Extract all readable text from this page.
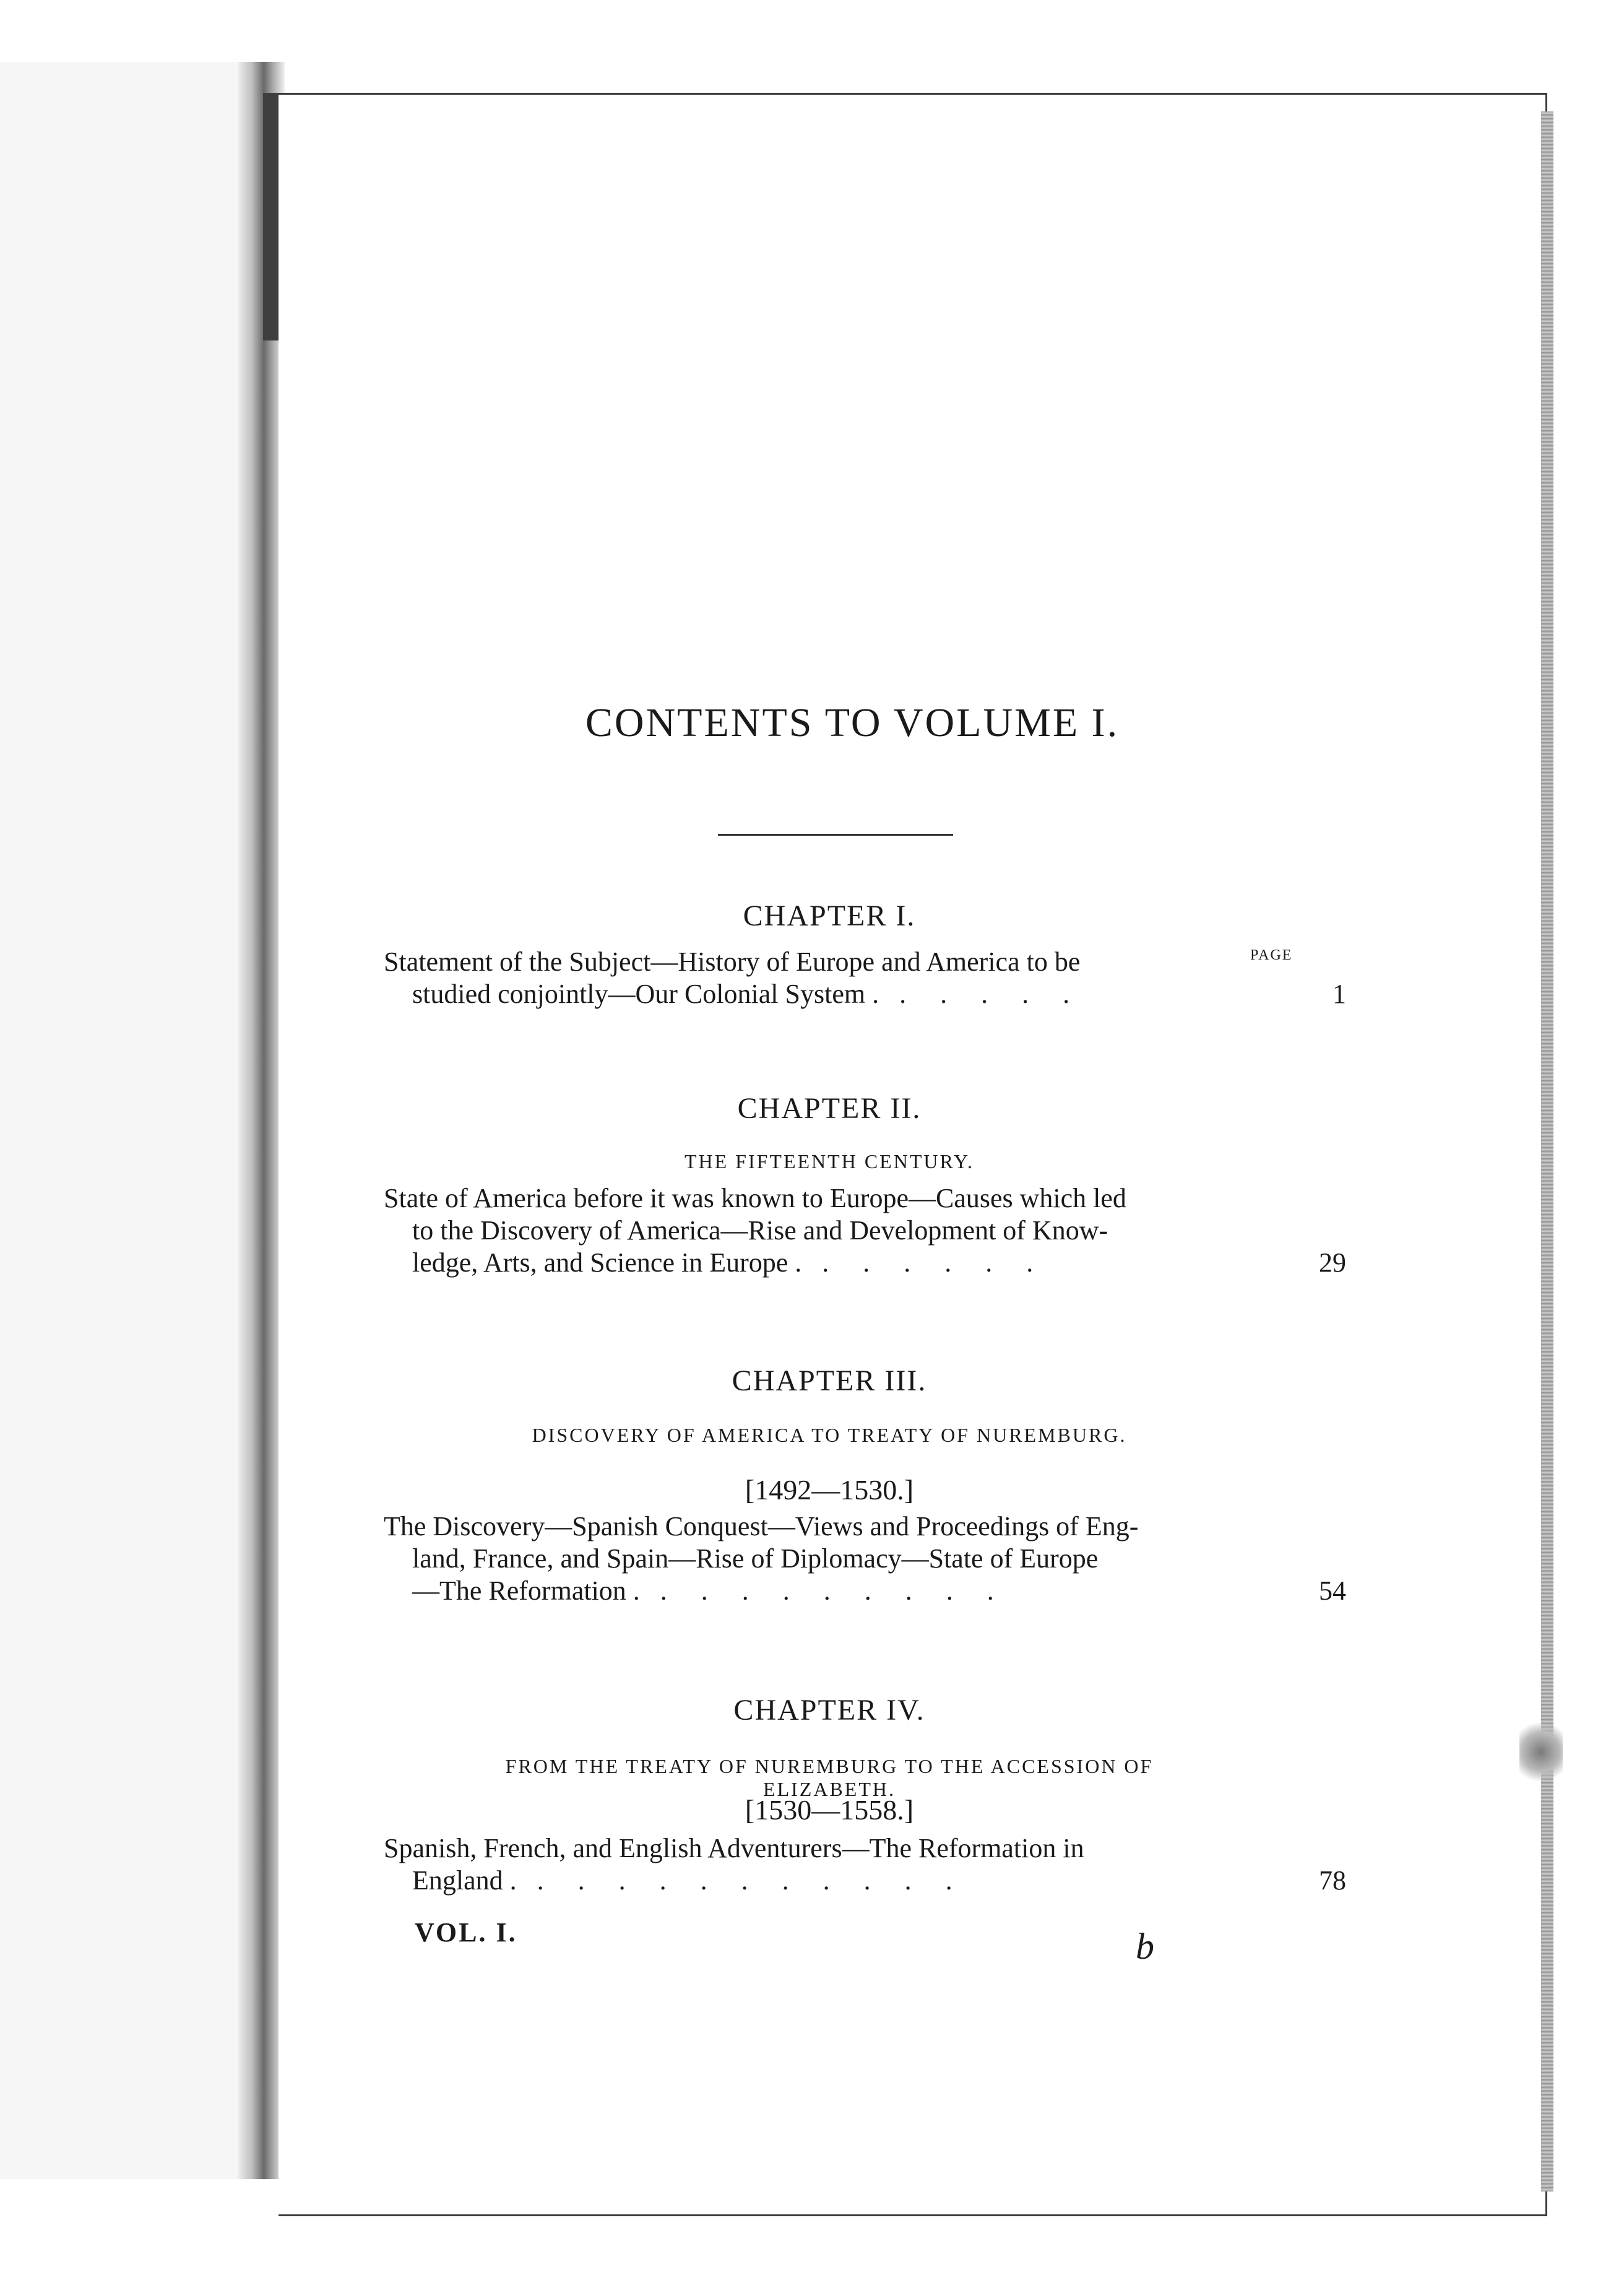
CONTENTS TO VOLUME I.
PAGE
CHAPTER I.
Statement of the Subject—History of Europe and America to be
studied conjointly—Our Colonial System .   .     .     .     .     .	1
CHAPTER II.
THE FIFTEENTH CENTURY.
State of America before it was known to Europe—Causes which led
to the Discovery of America—Rise and Development of Know-
ledge, Arts, and Science in Europe .   .     .     .     .     .     .	29
CHAPTER III.
DISCOVERY OF AMERICA TO TREATY OF NUREMBURG.
[1492—1530.]
The Discovery—Spanish Conquest—Views and Proceedings of Eng-
land, France, and Spain—Rise of Diplomacy—State of Europe
—The Reformation .   .     .     .     .     .     .     .     .     .	54
CHAPTER IV.
FROM THE TREATY OF NUREMBURG TO THE ACCESSION OF ELIZABETH.
[1530—1558.]
Spanish, French, and English Adventurers—The Reformation in
England .   .     .     .     .     .     .     .     .     .     .     .	78
VOL. I.	b
